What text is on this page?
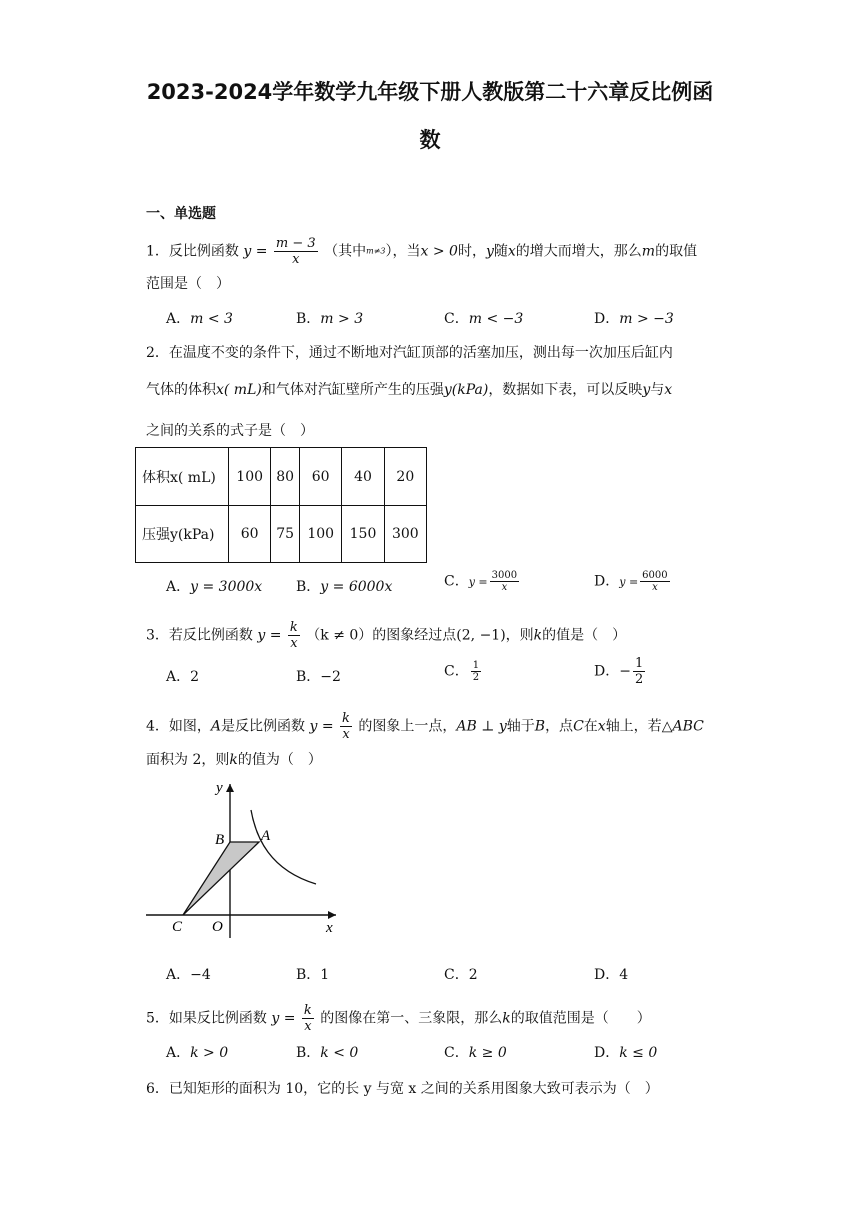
2023-2024学年数学九年级下册人教版第二十六章反比例函
数
一、单选题
1．反比例函数 $y = \frac{m - 3}{x}$ （其中m≠3），当x > 0时，y随x的增大而增大，那么m的取值
范围是（　）
A．m < 3	B．m > 3	C．m < −3	D．m > −3
2．在温度不变的条件下，通过不断地对汽缸顶部的活塞加压，测出每一次加压后缸内
气体的体积x( mL)和气体对汽缸壁所产生的压强y(kPa)，数据如下表，可以反映y与x
之间的关系的式子是（　）
体积x( mL)	100	80	60	40	20
压强y(kPa)	60	75	100	150	300
A．y = 3000x B．y = 6000x	C．$y = \frac{3000}{x}$	D．$y = \frac{6000}{x}$
3．若反比例函数 $y = \frac{k}{x} (k \ne 0)$的图象经过点(2, −1)，则k的值是（　）
A．2	B．−2	C． $\frac{1}{2}$	D．− $\frac{1}{2}$
4．如图，A是反比例函数 $y = \frac{k}{x}$ 的图象上一点，AB ⊥ y轴于B，点C在x轴上，若△ABC
面积为 2，则k的值为（　）
y
x
O
C
B A
A．−4	B．1	C．2	D．4
5．如果反比例函数 $y = \frac{k}{x}$ 的图像在第一、三象限，那么k的取值范围是（　　）
A．k > 0	B．k < 0	C．k ≥ 0	D．k ≤ 0
6．已知矩形的面积为 10，它的长 y 与宽 x 之间的关系用图象大致可表示为（　）
